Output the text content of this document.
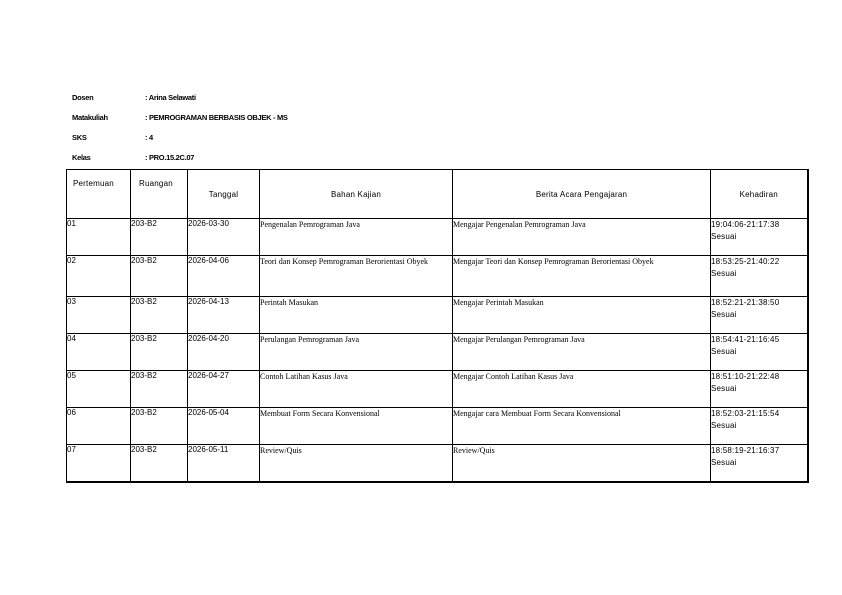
Dosen	: Arina Selawati
Matakuliah	: PEMROGRAMAN BERBASIS OBJEK - MS
SKS	: 4
Kelas	: PRO.15.2C.07
Pertemuan	Ruangan	Tanggal	Bahan Kajian	Berita Acara Pengajaran	Kehadiran
01	203-B2	2026-03-30	Pengenalan Pemrograman Java	Mengajar Pengenalan Pemrograman Java	19:04:06-21:17:38
Sesuai

02	203-B2	2026-04-06	Teori dan Konsep Pemrograman Berorientasi Obyek	Mengajar Teori dan Konsep Pemrograman Berorientasi Obyek	18:53:25-21:40:22
Sesuai

03	203-B2	2026-04-13	Perintah Masukan	Mengajar Perintah Masukan	18:52:21-21:38:50
Sesuai

04	203-B2	2026-04-20	Perulangan Pemrograman Java	Mengajar Perulangan Pemrograman Java	18:54:41-21:16:45
Sesuai

05	203-B2	2026-04-27	Contoh Latihan Kasus Java	Mengajar Contoh Latihan Kasus Java	18:51:10-21:22:48
Sesuai

06	203-B2	2026-05-04	Membuat Form Secara Konvensional	Mengajar cara Membuat Form Secara Konvensional	18:52:03-21:15:54
Sesuai

07	203-B2	2026-05-11	Review/Quis	Review/Quis	18:58:19-21:16:37
Sesuai
